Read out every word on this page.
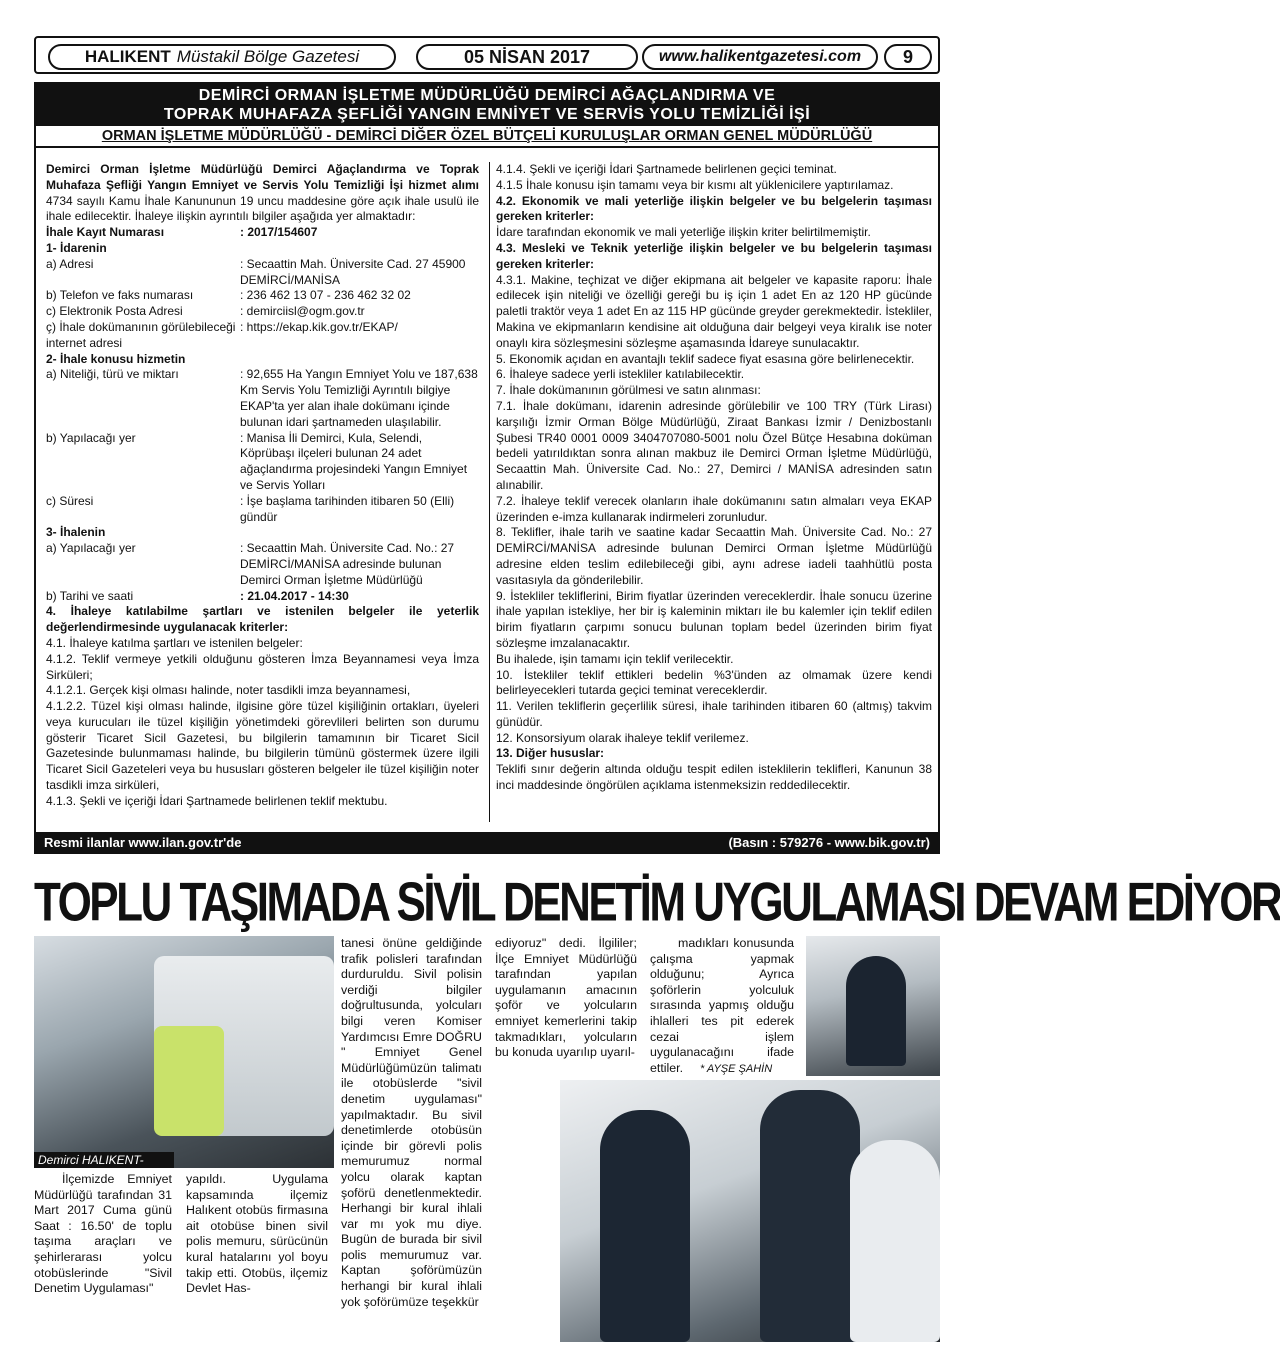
HALIKENT Müstakil Bölge Gazetesi	05 NİSAN 2017	www.halikentgazetesi.com	9
DEMİRCİ ORMAN İŞLETME MÜDÜRLÜĞÜ DEMİRCİ AĞAÇLANDIRMA VE
TOPRAK MUHAFAZA ŞEFLİĞİ YANGIN EMNİYET VE SERVİS YOLU TEMİZLİĞİ İŞİ
ORMAN İŞLETME MÜDÜRLÜĞÜ - DEMİRCİ DİĞER ÖZEL BÜTÇELİ KURULUŞLAR ORMAN GENEL MÜDÜRLÜĞÜ

Demirci Orman İşletme Müdürlüğü Demirci Ağaçlandırma ve Toprak Muhafaza Şefliği Yangın Emniyet ve Servis Yolu Temizliği İşi hizmet alımı 4734 sayılı Kamu İhale Kanununun 19 uncu maddesine göre açık ihale usulü ile ihale edilecektir. İhaleye ilişkin ayrıntılı bilgiler aşağıda yer almaktadır:

İhale Kayıt Numarası	: 2017/154607

1- İdarenin

a) Adresi	: Secaattin Mah. Üniversite Cad. 27 45900 DEMİRCİ/MANİSA
b) Telefon ve faks numarası	: 236 462 13 07 - 236 462 32 02
c) Elektronik Posta Adresi	: demirciisl@ogm.gov.tr
ç) İhale dokümanının görülebileceği internet adresi
: https://ekap.kik.gov.tr/EKAP/

2- İhale konusu hizmetin

a) Niteliği, türü ve miktarı	: 92,655 Ha Yangın Emniyet Yolu ve 187,638 Km Servis Yolu Temizliği Ayrıntılı bilgiye EKAP'ta yer alan ihale dokümanı içinde bulunan idari şartnameden ulaşılabilir.
b) Yapılacağı yer	: Manisa İli Demirci, Kula, Selendi, Köprübaşı ilçeleri bulunan 24 adet ağaçlandırma projesindeki Yangın Emniyet ve Servis Yolları
c) Süresi	: İşe başlama tarihinden itibaren 50 (Elli) gündür

3- İhalenin

a) Yapılacağı yer	: Secaattin Mah. Üniversite Cad. No.: 27 DEMİRCİ/MANİSA adresinde bulunan Demirci Orman İşletme Müdürlüğü
b) Tarihi ve saati	: 21.04.2017 - 14:30

4. İhaleye katılabilme şartları ve istenilen belgeler ile yeterlik değerlendirmesinde uygulanacak kriterler:

4.1. İhaleye katılma şartları ve istenilen belgeler:

4.1.2. Teklif vermeye yetkili olduğunu gösteren İmza Beyannamesi veya İmza Sirküleri;

4.1.2.1. Gerçek kişi olması halinde, noter tasdikli imza beyannamesi,

4.1.2.2. Tüzel kişi olması halinde, ilgisine göre tüzel kişiliğinin ortakları, üyeleri veya kurucuları ile tüzel kişiliğin yönetimdeki görevlileri belirten son durumu gösterir Ticaret Sicil Gazetesi, bu bilgilerin tamamının bir Ticaret Sicil Gazetesinde bulunmaması halinde, bu bilgilerin tümünü göstermek üzere ilgili Ticaret Sicil Gazeteleri veya bu hususları gösteren belgeler ile tüzel kişiliğin noter tasdikli imza sirküleri,

4.1.3. Şekli ve içeriği İdari Şartnamede belirlenen teklif mektubu.

4.1.4. Şekli ve içeriği İdari Şartnamede belirlenen geçici teminat.

4.1.5 İhale konusu işin tamamı veya bir kısmı alt yüklenicilere yaptırılamaz.

4.2. Ekonomik ve mali yeterliğe ilişkin belgeler ve bu belgelerin taşıması gereken kriterler:

İdare tarafından ekonomik ve mali yeterliğe ilişkin kriter belirtilmemiştir.

4.3. Mesleki ve Teknik yeterliğe ilişkin belgeler ve bu belgelerin taşıması gereken kriterler:

4.3.1. Makine, teçhizat ve diğer ekipmana ait belgeler ve kapasite raporu: İhale edilecek işin niteliği ve özelliği gereği bu iş için 1 adet En az 120 HP gücünde paletli traktör veya 1 adet En az 115 HP gücünde greyder gerekmektedir. İstekliler, Makina ve ekipmanların kendisine ait olduğuna dair belgeyi veya kiralık ise noter onaylı kira sözleşmesini sözleşme aşamasında İdareye sunulacaktır.

5. Ekonomik açıdan en avantajlı teklif sadece fiyat esasına göre belirlenecektir.

6. İhaleye sadece yerli istekliler katılabilecektir.

7. İhale dokümanının görülmesi ve satın alınması:

7.1. İhale dokümanı, idarenin adresinde görülebilir ve 100 TRY (Türk Lirası) karşılığı İzmir Orman Bölge Müdürlüğü, Ziraat Bankası İzmir / Denizbostanlı Şubesi TR40 0001 0009 3404707080-5001 nolu Özel Bütçe Hesabına doküman bedeli yatırıldıktan sonra alınan makbuz ile Demirci Orman İşletme Müdürlüğü, Secaattin Mah. Üniversite Cad. No.: 27, Demirci / MANİSA adresinden satın alınabilir.

7.2. İhaleye teklif verecek olanların ihale dokümanını satın almaları veya EKAP üzerinden e-imza kullanarak indirmeleri zorunludur.

8. Teklifler, ihale tarih ve saatine kadar Secaattin Mah. Üniversite Cad. No.: 27 DEMİRCİ/MANİSA adresinde bulunan Demirci Orman İşletme Müdürlüğü adresine elden teslim edilebileceği gibi, aynı adrese iadeli taahhütlü posta vasıtasıyla da gönderilebilir.

9. İstekliler tekliflerini, Birim fiyatlar üzerinden vereceklerdir. İhale sonucu üzerine ihale yapılan istekliye, her bir iş kaleminin miktarı ile bu kalemler için teklif edilen birim fiyatların çarpımı sonucu bulunan toplam bedel üzerinden birim fiyat sözleşme imzalanacaktır.

Bu ihalede, işin tamamı için teklif verilecektir.

10. İstekliler teklif ettikleri bedelin %3'ünden az olmamak üzere kendi belirleyecekleri tutarda geçici teminat vereceklerdir.

11. Verilen tekliflerin geçerlilik süresi, ihale tarihinden itibaren 60 (altmış) takvim günüdür.

12. Konsorsiyum olarak ihaleye teklif verilemez.

13. Diğer hususlar:

Teklifi sınır değerin altında olduğu tespit edilen isteklilerin teklifleri, Kanunun 38 inci maddesinde öngörülen açıklama istenmeksizin reddedilecektir.

Resmi ilanlar www.ilan.gov.tr'de	(Basın : 579276 - www.bik.gov.tr)
TOPLU TAŞIMADA SİVİL DENETİM UYGULAMASI DEVAM EDİYOR
Demirci HALIKENT-

İlçemizde Emniyet Müdürlüğü tarafından 31 Mart 2017 Cuma günü Saat : 16.50' de toplu taşıma araçları ve şehirlerarası yolcu otobüslerinde "Sivil Denetim Uygulaması"

yapıldı. Uygulama kapsamında ilçemiz Halıkent otobüs firmasına ait otobüse binen sivil polis memuru, sürücünün kural hatalarını yol boyu takip etti. Otobüs, ilçemiz Devlet Has-

tanesi önüne geldiğinde trafik polisleri tarafından durduruldu. Sivil polisin verdiği bilgiler doğrultusunda, yolcuları bilgi veren Komiser Yardımcısı Emre DOĞRU " Emniyet Genel Müdürlüğümüzün talimatı ile otobüslerde "sivil denetim uygulaması" yapılmaktadır. Bu sivil denetimlerde otobüsün içinde bir görevli polis memurumuz normal yolcu olarak kaptan şoförü denetlenmektedir. Herhangi bir kural ihlali var mı yok mu diye. Bugün de burada bir sivil polis memurumuz var. Kaptan şoförümüzün herhangi bir kural ihlali yok şoförümüze teşekkür

ediyoruz" dedi. İlgililer; İlçe Emniyet Müdürlüğü tarafından yapılan uygulamanın amacının şoför ve yolcuların emniyet kemerlerini takip takmadıkları, yolcuların bu konuda uyarılıp uyarıl-

madıkları konusunda çalışma yapmak olduğunu; Ayrıca şoförlerin yolculuk sırasında yapmış olduğu ihlalleri tes pit ederek cezai işlem uygulanacağını ifade ettiler.	* AYŞE ŞAHİN
